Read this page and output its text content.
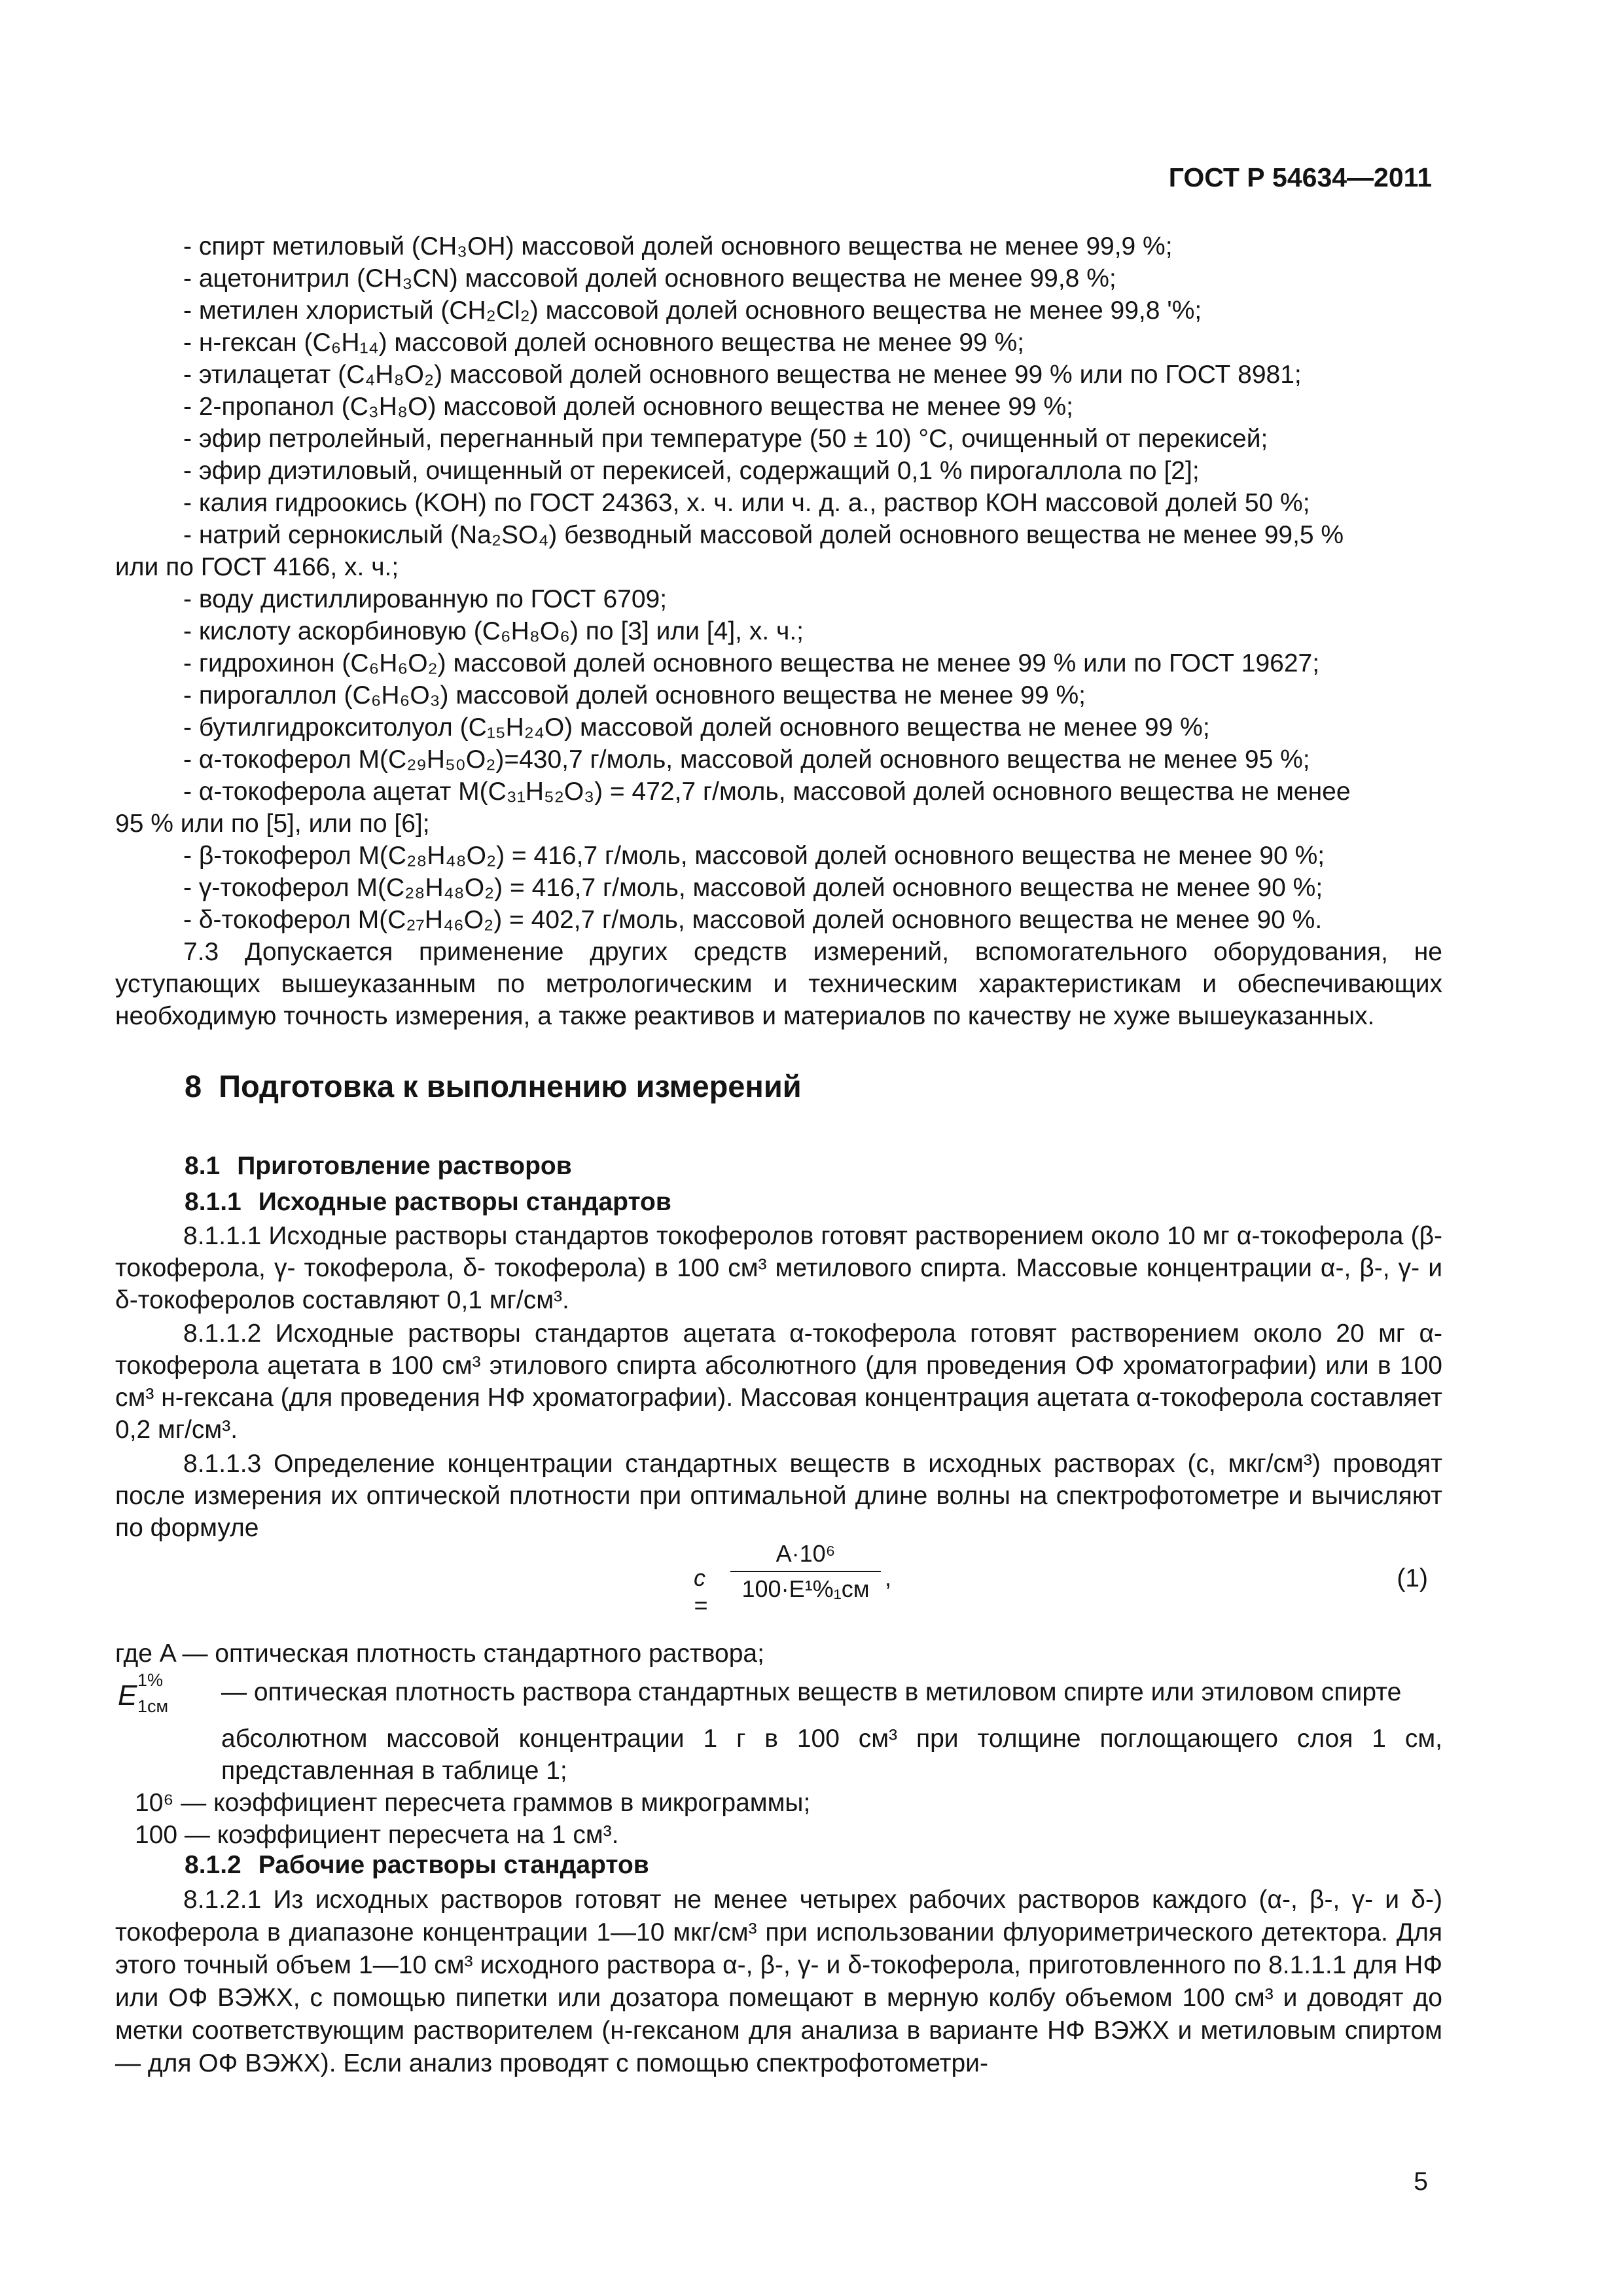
ГОСТ Р 54634—2011
- спирт метиловый (CH₃OH) массовой долей основного вещества не менее 99,9 %;
- ацетонитрил (CH₃CN) массовой долей основного вещества не менее 99,8 %;
- метилен хлористый (CH₂Cl₂) массовой долей основного вещества не менее 99,8 '%;
- н-гексан (C₆H₁₄) массовой долей основного вещества не менее 99 %;
- этилацетат (C₄H₈O₂) массовой долей основного вещества не менее 99 % или по ГОСТ 8981;
- 2-пропанол (C₃H₈O) массовой долей основного вещества не менее 99 %;
- эфир петролейный, перегнанный при температуре (50 ± 10) °С, очищенный от перекисей;
- эфир диэтиловый, очищенный от перекисей, содержащий 0,1 % пирогаллола по [2];
- калия гидроокись (KOH) по ГОСТ 24363, х. ч. или ч. д. а., раствор КОН массовой долей 50 %;
- натрий сернокислый (Na₂SO₄) безводный массовой долей основного вещества не менее 99,5 %
или по ГОСТ 4166, х. ч.;
- воду дистиллированную по ГОСТ 6709;
- кислоту аскорбиновую (C₆H₈O₆) по [3] или [4], х. ч.;
- гидрохинон (C₆H₆O₂) массовой долей основного вещества не менее 99 % или по ГОСТ 19627;
- пирогаллол (C₆H₆O₃) массовой долей основного вещества не менее 99 %;
- бутилгидрокситолуол (C₁₅H₂₄O) массовой долей основного вещества не менее 99 %;
- α-токоферол М(C₂₉H₅₀O₂)=430,7 г/моль, массовой долей основного вещества не менее 95 %;
- α-токоферола ацетат М(C₃₁H₅₂O₃) = 472,7 г/моль, массовой долей основного вещества не менее
95 % или по [5], или по [6];
- β-токоферол М(C₂₈H₄₈O₂) = 416,7 г/моль, массовой долей основного вещества не менее 90 %;
- γ-токоферол М(C₂₈H₄₈O₂) = 416,7 г/моль, массовой долей основного вещества не менее 90 %;
- δ-токоферол М(C₂₇H₄₆O₂) = 402,7 г/моль, массовой долей основного вещества не менее 90 %.
7.3 Допускается применение других средств измерений, вспомогательного оборудования, не уступающих вышеуказанным по метрологическим и техническим характеристикам и обеспечивающих необходимую точность измерения, а также реактивов и материалов по качеству не хуже вышеуказанных.
8 Подготовка к выполнению измерений
8.1 Приготовление растворов
8.1.1 Исходные растворы стандартов
8.1.1.1 Исходные растворы стандартов токоферолов готовят растворением около 10 мг α-токоферола (β-токоферола, γ- токоферола, δ- токоферола) в 100 см³ метилового спирта. Массовые концентрации α-, β-, γ- и δ-токоферолов составляют 0,1 мг/см³.
8.1.1.2 Исходные растворы стандартов ацетата α-токоферола готовят растворением около 20 мг α-токоферола ацетата в 100 см³ этилового спирта абсолютного (для проведения ОФ хроматографии) или в 100 см³ н-гексана (для проведения НФ хроматографии). Массовая концентрация ацетата α-токоферола составляет 0,2 мг/см³.
8.1.1.3 Определение концентрации стандартных веществ в исходных растворах (c, мкг/см³) проводят после измерения их оптической плотности при оптимальной длине волны на спектрофотометре и вычисляют по формуле
c =
A·10⁶
100·E¹%₁см ,	(1)
где A — оптическая плотность стандартного раствора;
E 1%
1см — оптическая плотность раствора стандартных веществ в метиловом спирте или этиловом спирте
абсолютном массовой концентрации 1 г в 100 см³ при толщине поглощающего слоя 1 см, представленная в таблице 1;
10⁶ — коэффициент пересчета граммов в микрограммы;
100 — коэффициент пересчета на 1 см³.
8.1.2 Рабочие растворы стандартов
8.1.2.1 Из исходных растворов готовят не менее четырех рабочих растворов каждого (α-, β-, γ- и δ-) токоферола в диапазоне концентрации 1—10 мкг/см³ при использовании флуориметрического детектора. Для этого точный объем 1—10 см³ исходного раствора α-, β-, γ- и δ-токоферола, приготовленного по 8.1.1.1 для НФ или ОФ ВЭЖХ, с помощью пипетки или дозатора помещают в мерную колбу объемом 100 см³ и доводят до метки соответствующим растворителем (н-гексаном для анализа в варианте НФ ВЭЖХ и метиловым спиртом — для ОФ ВЭЖХ). Если анализ проводят с помощью спектрофотометри-
5
